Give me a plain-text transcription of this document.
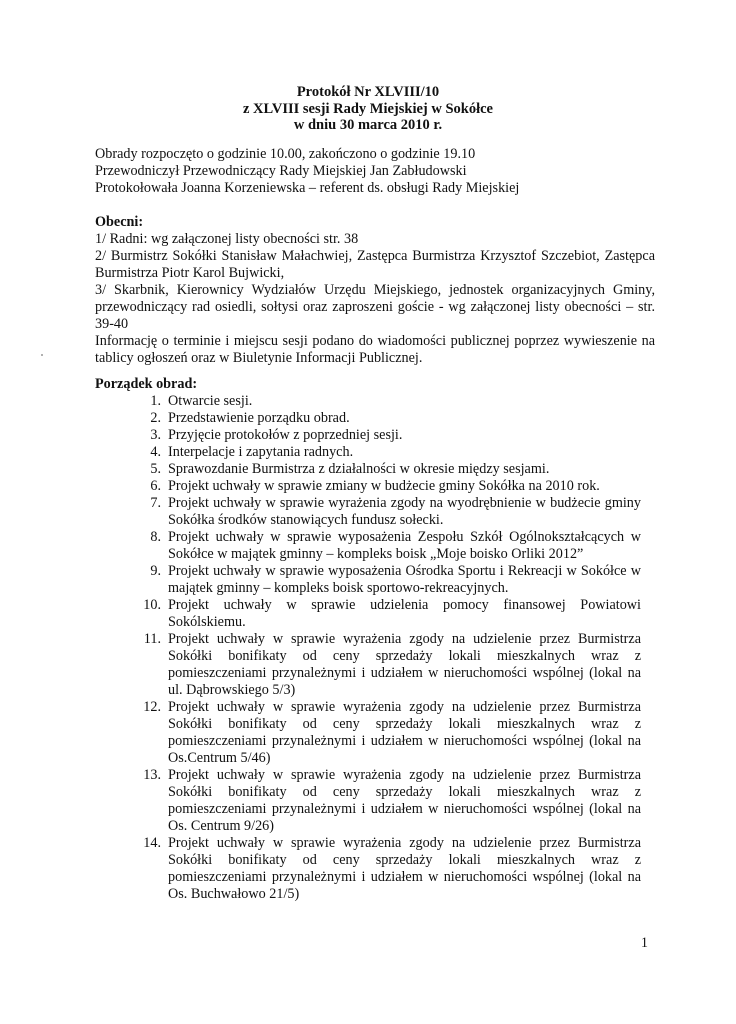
Protokół Nr XLVIII/10
z XLVIII sesji Rady Miejskiej w Sokółce
w dniu 30 marca 2010 r.
Obrady rozpoczęto o godzinie 10.00, zakończono o godzinie 19.10
Przewodniczył Przewodniczący Rady Miejskiej Jan Zabłudowski
Protokołowała Joanna Korzeniewska – referent ds. obsługi Rady Miejskiej
Obecni:
1/ Radni: wg załączonej listy obecności str. 38
2/ Burmistrz Sokółki Stanisław Małachwiej, Zastępca Burmistrza Krzysztof Szczebiot, Zastępca Burmistrza Piotr Karol Bujwicki,
3/ Skarbnik, Kierownicy Wydziałów Urzędu Miejskiego, jednostek organizacyjnych Gminy, przewodniczący rad osiedli, sołtysi oraz zaproszeni goście - wg załączonej listy obecności – str. 39-40
Informację o terminie i miejscu sesji podano do wiadomości publicznej poprzez wywieszenie na tablicy ogłoszeń oraz w Biuletynie Informacji Publicznej.
Porządek obrad:
1. Otwarcie sesji.
2. Przedstawienie porządku obrad.
3. Przyjęcie protokołów z poprzedniej sesji.
4. Interpelacje i zapytania radnych.
5. Sprawozdanie Burmistrza z działalności w okresie między sesjami.
6. Projekt uchwały w sprawie zmiany w budżecie gminy Sokółka na 2010 rok.
7. Projekt uchwały w sprawie wyrażenia zgody na wyodrębnienie w budżecie gminy Sokółka środków stanowiących fundusz sołecki.
8. Projekt uchwały w sprawie wyposażenia Zespołu Szkół Ogólnokształcących w Sokółce w majątek gminny – kompleks boisk „Moje boisko Orliki 2012”
9. Projekt uchwały w sprawie wyposażenia Ośrodka Sportu i Rekreacji w Sokółce w majątek gminny – kompleks boisk sportowo-rekreacyjnych.
10. Projekt uchwały w sprawie udzielenia pomocy finansowej Powiatowi Sokólskiemu.
11. Projekt uchwały w sprawie wyrażenia zgody na udzielenie przez Burmistrza Sokółki bonifikaty od ceny sprzedaży lokali mieszkalnych wraz z pomieszczeniami przynależnymi i udziałem w nieruchomości wspólnej (lokal na ul. Dąbrowskiego 5/3)
12. Projekt uchwały w sprawie wyrażenia zgody na udzielenie przez Burmistrza Sokółki bonifikaty od ceny sprzedaży lokali mieszkalnych wraz z pomieszczeniami przynależnymi i udziałem w nieruchomości wspólnej (lokal na Os.Centrum 5/46)
13. Projekt uchwały w sprawie wyrażenia zgody na udzielenie przez Burmistrza Sokółki bonifikaty od ceny sprzedaży lokali mieszkalnych wraz z pomieszczeniami przynależnymi i udziałem w nieruchomości wspólnej (lokal na Os. Centrum 9/26)
14. Projekt uchwały w sprawie wyrażenia zgody na udzielenie przez Burmistrza Sokółki bonifikaty od ceny sprzedaży lokali mieszkalnych wraz z pomieszczeniami przynależnymi i udziałem w nieruchomości wspólnej (lokal na Os. Buchwałowo 21/5)
1
